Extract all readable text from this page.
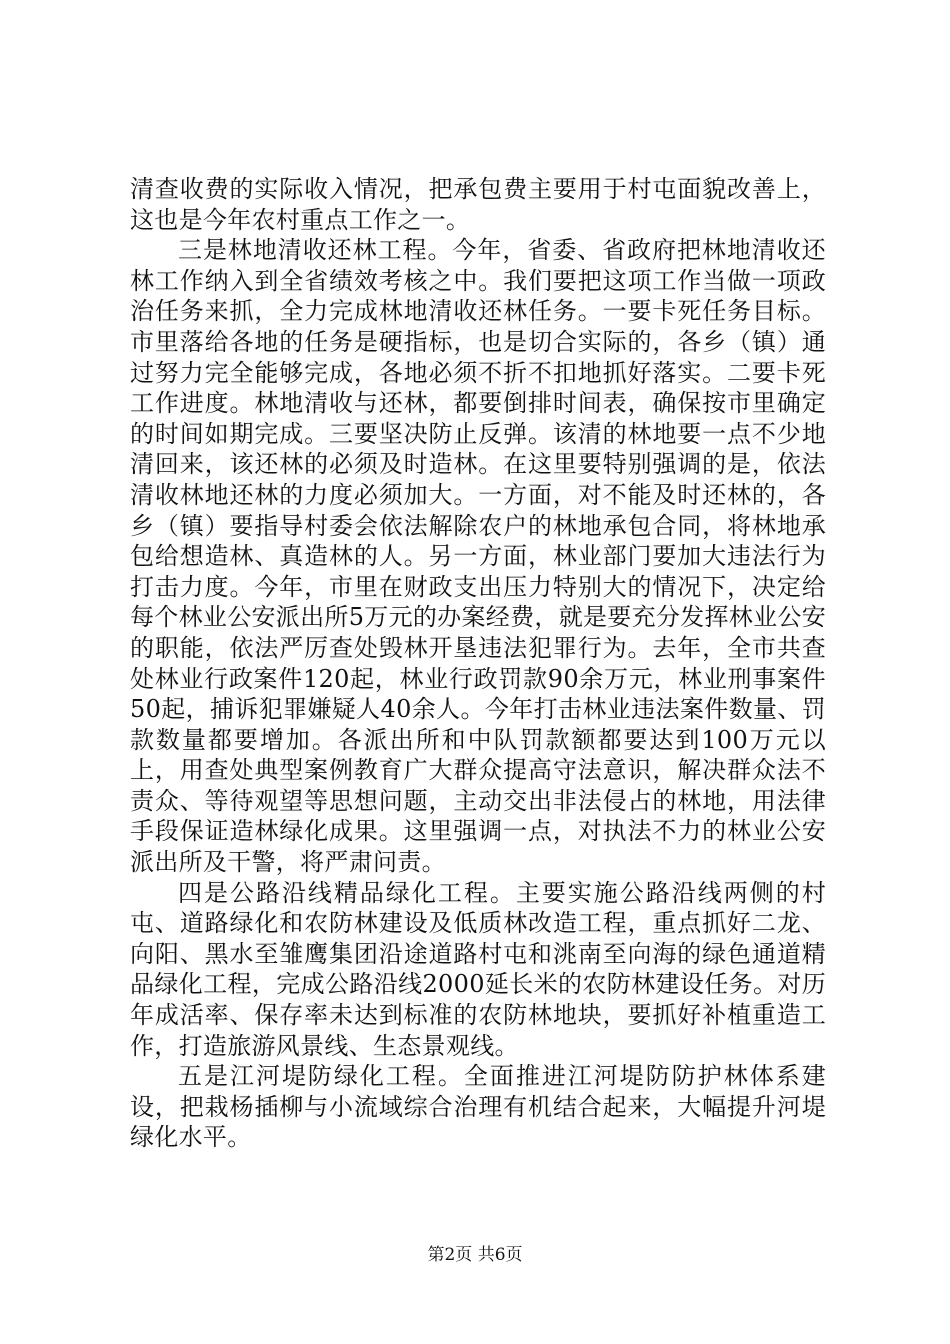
清查收费的实际收入情况，把承包费主要用于村屯面貌改善上，这也是今年农村重点工作之一。

三是林地清收还林工程。今年，省委、省政府把林地清收还林工作纳入到全省绩效考核之中。我们要把这项工作当做一项政治任务来抓，全力完成林地清收还林任务。一要卡死任务目标。市里落给各地的任务是硬指标，也是切合实际的，各乡（镇）通过努力完全能够完成，各地必须不折不扣地抓好落实。二要卡死工作进度。林地清收与还林，都要倒排时间表，确保按市里确定的时间如期完成。三要坚决防止反弹。该清的林地要一点不少地清回来，该还林的必须及时造林。在这里要特别强调的是，依法清收林地还林的力度必须加大。一方面，对不能及时还林的，各乡（镇）要指导村委会依法解除农户的林地承包合同，将林地承包给想造林、真造林的人。另一方面，林业部门要加大违法行为打击力度。今年，市里在财政支出压力特别大的情况下，决定给每个林业公安派出所5万元的办案经费，就是要充分发挥林业公安的职能，依法严厉查处毁林开垦违法犯罪行为。去年，全市共查处林业行政案件120起，林业行政罚款90余万元，林业刑事案件50起，捕诉犯罪嫌疑人40余人。今年打击林业违法案件数量、罚款数量都要增加。各派出所和中队罚款额都要达到100万元以上，用查处典型案例教育广大群众提高守法意识，解决群众法不责众、等待观望等思想问题，主动交出非法侵占的林地，用法律手段保证造林绿化成果。这里强调一点，对执法不力的林业公安派出所及干警，将严肃问责。

四是公路沿线精品绿化工程。主要实施公路沿线两侧的村屯、道路绿化和农防林建设及低质林改造工程，重点抓好二龙、向阳、黑水至雏鹰集团沿途道路村屯和洮南至向海的绿色通道精品绿化工程，完成公路沿线2000延长米的农防林建设任务。对历年成活率、保存率未达到标准的农防林地块，要抓好补植重造工作，打造旅游风景线、生态景观线。

五是江河堤防绿化工程。全面推进江河堤防防护林体系建设，把栽杨插柳与小流域综合治理有机结合起来，大幅提升河堤绿化水平。

第2页 共6页
